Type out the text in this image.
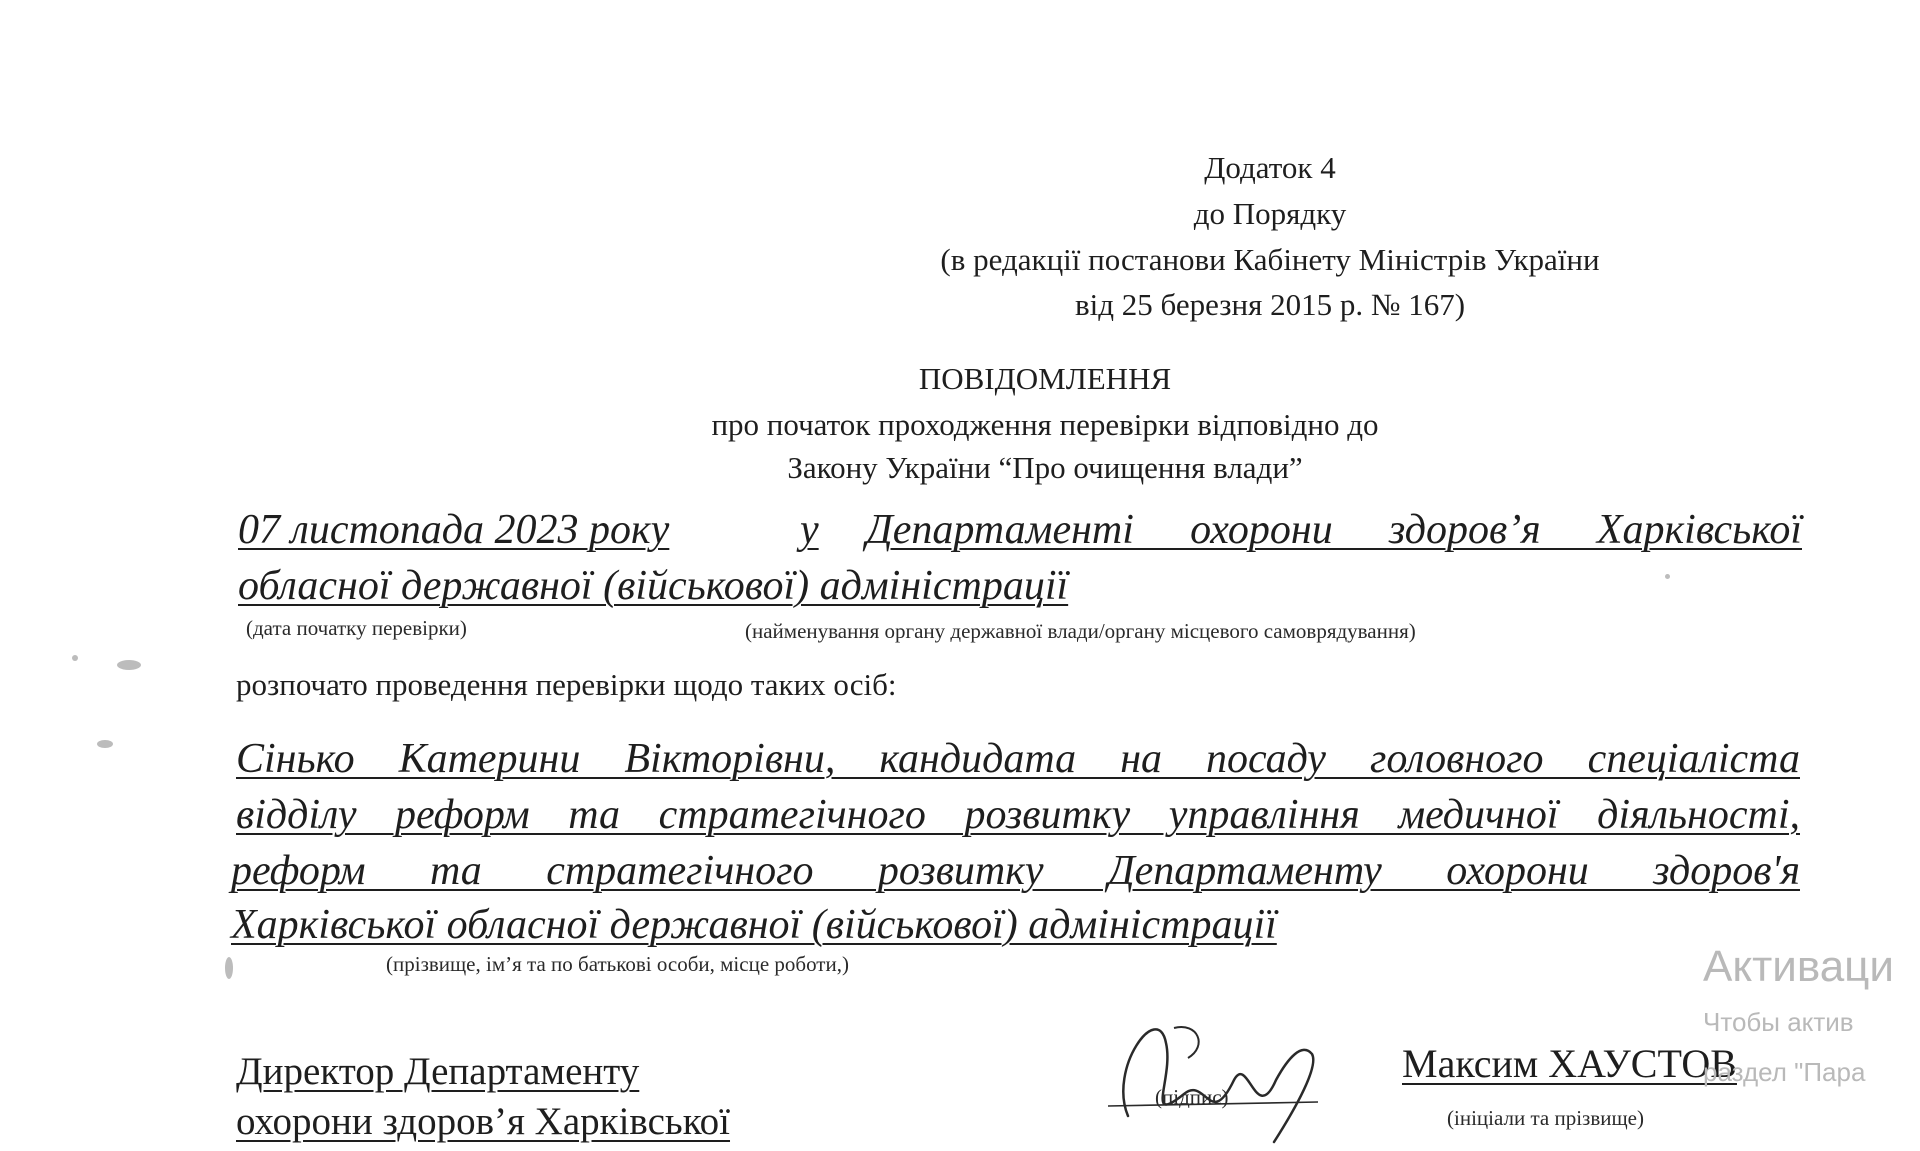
Додаток 4
до Порядку
(в редакції постанови Кабінету Міністрів України
від 25 березня 2015 р. № 167)
ПОВІДОМЛЕННЯ
про початок проходження перевірки відповідно до
Закону України “Про очищення влади”
07 листопада 2023 року	у Департаменті охорони здоров’я Харківської
обласної державної (військової) адміністрації
(дата початку перевірки)	(найменування органу державної влади/органу місцевого самоврядування)
розпочато проведення перевірки щодо таких осіб:
Сінько Катерини Вікторівни, кандидата на посаду головного спеціаліста
відділу реформ та стратегічного розвитку управління медичної діяльності,
реформ та стратегічного розвитку Департаменту охорони здоров'я
Харківської обласної державної (військової) адміністрації
(прізвище, ім’я та по батькові особи, місце роботи,)
Директор Департаменту
охорони здоров’я Харківської
(підпис)
Максим ХАУСТОВ
(ініціали та прізвище)
Активаци
Чтобы актив
раздел "Пара
